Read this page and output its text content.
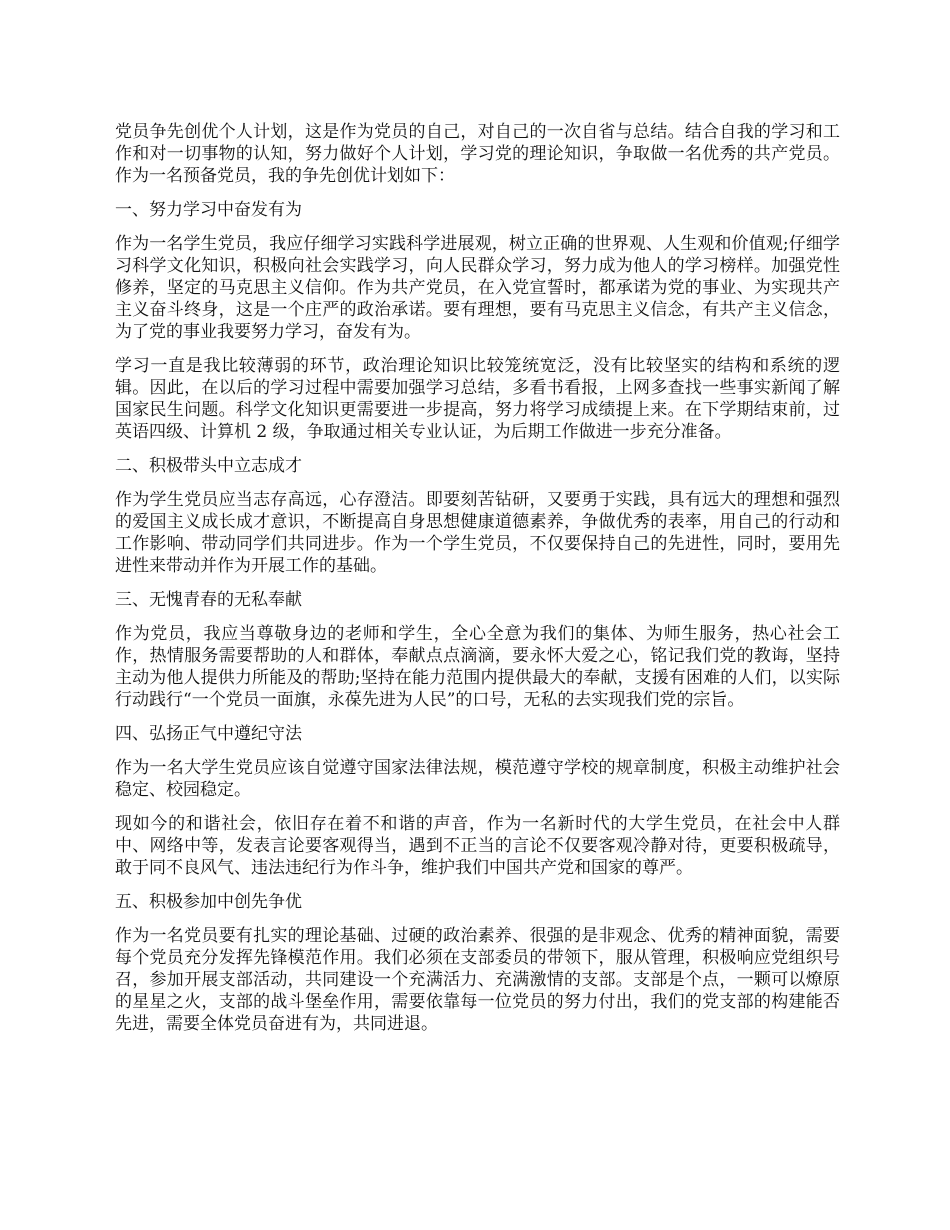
党员争先创优个人计划，这是作为党员的自己，对自己的一次自省与总结。结合自我的学习和工作和对一切事物的认知，努力做好个人计划，学习党的理论知识，争取做一名优秀的共产党员。作为一名预备党员，我的争先创优计划如下：

一、努力学习中奋发有为

作为一名学生党员，我应仔细学习实践科学进展观，树立正确的世界观、人生观和价值观;仔细学习科学文化知识，积极向社会实践学习，向人民群众学习，努力成为他人的学习榜样。加强党性修养，坚定的马克思主义信仰。作为共产党员，在入党宣誓时，都承诺为党的事业、为实现共产主义奋斗终身，这是一个庄严的政治承诺。要有理想，要有马克思主义信念，有共产主义信念，为了党的事业我要努力学习，奋发有为。

学习一直是我比较薄弱的环节，政治理论知识比较笼统宽泛，没有比较坚实的结构和系统的逻辑。因此，在以后的学习过程中需要加强学习总结，多看书看报，上网多查找一些事实新闻了解国家民生问题。科学文化知识更需要进一步提高，努力将学习成绩提上来。在下学期结束前，过英语四级、计算机 2 级，争取通过相关专业认证，为后期工作做进一步充分准备。

二、积极带头中立志成才

作为学生党员应当志存高远，心存澄洁。即要刻苦钻研，又要勇于实践，具有远大的理想和强烈的爱国主义成长成才意识，不断提高自身思想健康道德素养，争做优秀的表率，用自己的行动和工作影响、带动同学们共同进步。作为一个学生党员，不仅要保持自己的先进性，同时，要用先进性来带动并作为开展工作的基础。

三、无愧青春的无私奉献

作为党员，我应当尊敬身边的老师和学生，全心全意为我们的集体、为师生服务，热心社会工作，热情服务需要帮助的人和群体，奉献点点滴滴，要永怀大爱之心，铭记我们党的教诲，坚持主动为他人提供力所能及的帮助;坚持在能力范围内提供最大的奉献，支援有困难的人们，以实际行动践行“一个党员一面旗，永葆先进为人民”的口号，无私的去实现我们党的宗旨。

四、弘扬正气中遵纪守法

作为一名大学生党员应该自觉遵守国家法律法规，模范遵守学校的规章制度，积极主动维护社会稳定、校园稳定。

现如今的和谐社会，依旧存在着不和谐的声音，作为一名新时代的大学生党员，在社会中人群中、网络中等，发表言论要客观得当，遇到不正当的言论不仅要客观冷静对待，更要积极疏导，敢于同不良风气、违法违纪行为作斗争，维护我们中国共产党和国家的尊严。

五、积极参加中创先争优

作为一名党员要有扎实的理论基础、过硬的政治素养、很强的是非观念、优秀的精神面貌，需要每个党员充分发挥先锋模范作用。我们必须在支部委员的带领下，服从管理，积极响应党组织号召，参加开展支部活动，共同建设一个充满活力、充满激情的支部。支部是个点，一颗可以燎原的星星之火，支部的战斗堡垒作用，需要依靠每一位党员的努力付出，我们的党支部的构建能否先进，需要全体党员奋进有为，共同进退。
